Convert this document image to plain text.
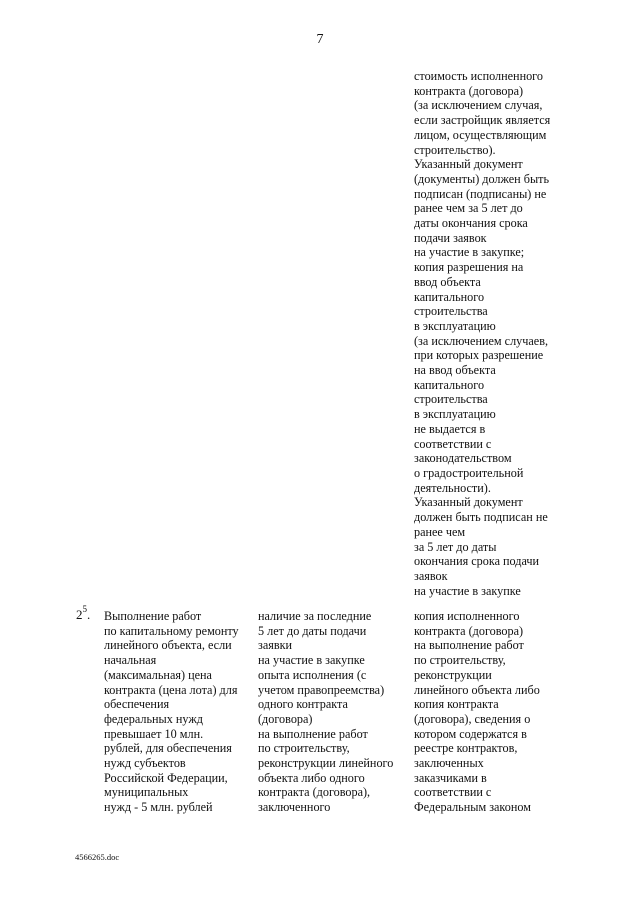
7
стоимость исполненного
контракта (договора)
(за исключением случая,
если застройщик является
лицом, осуществляющим
строительство).
Указанный документ
(документы) должен быть
подписан (подписаны) не
ранее чем за 5 лет до
даты окончания срока
подачи заявок
на участие в закупке;
копия разрешения на
ввод объекта
капитального
строительства
в эксплуатацию
(за исключением случаев,
при которых разрешение
на ввод объекта
капитального
строительства
в эксплуатацию
не выдается в
соответствии с
законодательством
о градостроительной
деятельности).
Указанный документ
должен быть подписан не
ранее чем
за 5 лет до даты
окончания срока подачи
заявок
на участие в закупке
$2^5$. Выполнение работ
по капитальному ремонту
линейного объекта, если
начальная
(максимальная) цена
контракта (цена лота) для
обеспечения
федеральных нужд
превышает 10 млн.
рублей, для обеспечения
нужд субъектов
Российской Федерации,
муниципальных
нужд - 5 млн. рублей
наличие за последние
5 лет до даты подачи
заявки
на участие в закупке
опыта исполнения (с
учетом правопреемства)
одного контракта
(договора)
на выполнение работ
по строительству,
реконструкции линейного
объекта либо одного
контракта (договора),
заключенного
копия исполненного
контракта (договора)
на выполнение работ
по строительству,
реконструкции
линейного объекта либо
копия контракта
(договора), сведения о
котором содержатся в
реестре контрактов,
заключенных
заказчиками в
соответствии с
Федеральным законом
4566265.doc
